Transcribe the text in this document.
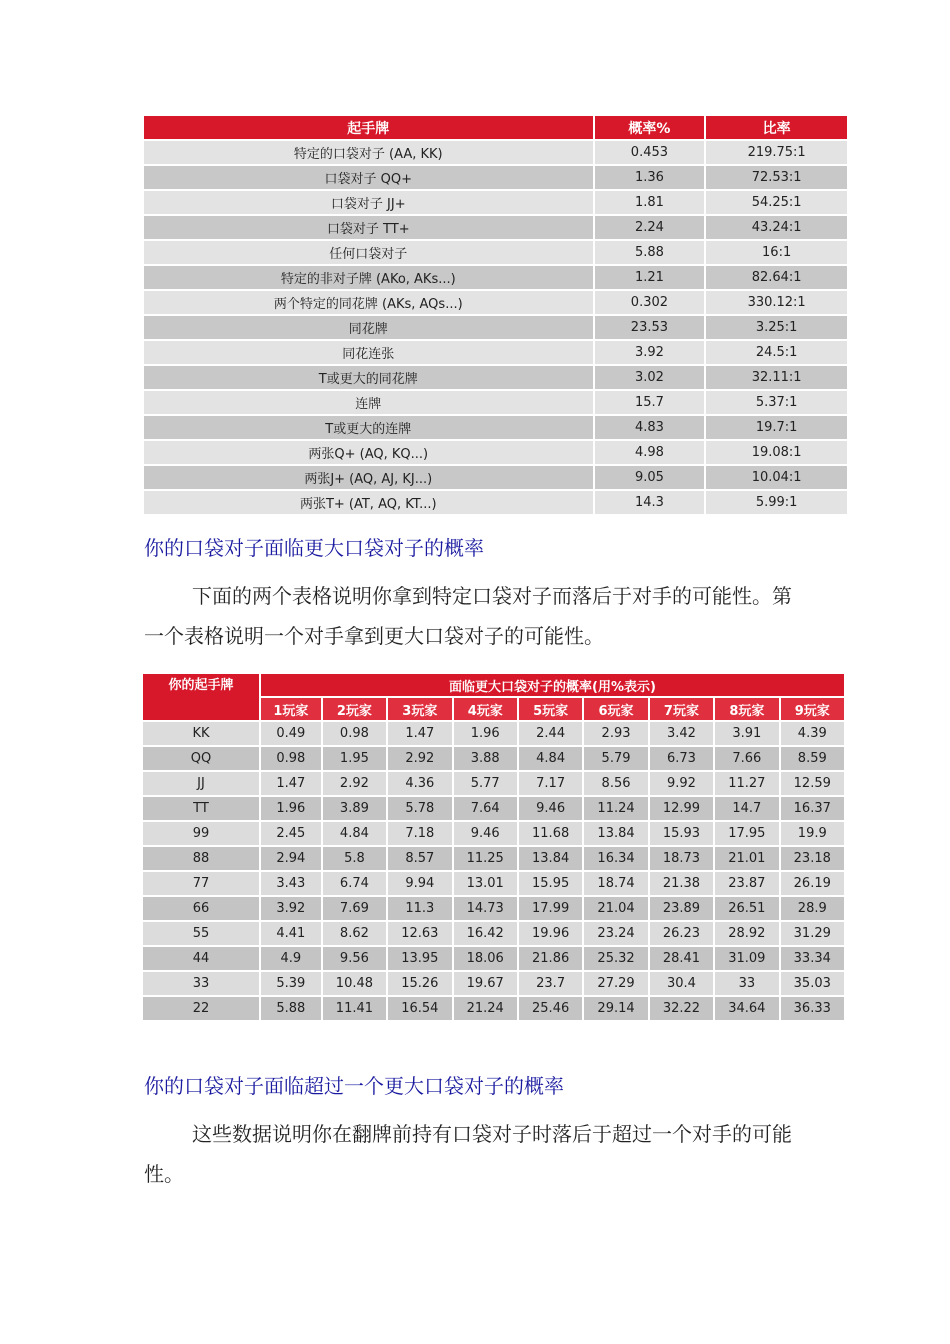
起手牌	概率%	比率
特定的口袋对子 (AA, KK)	0.453	219.75:1
口袋对子 QQ+	1.36	72.53:1
口袋对子 JJ+	1.81	54.25:1
口袋对子 TT+	2.24	43.24:1
任何口袋对子	5.88	16:1
特定的非对子牌 (AKo, AKs...)	1.21	82.64:1
两个特定的同花牌 (AKs, AQs...)	0.302	330.12:1
同花牌	23.53	3.25:1
同花连张	3.92	24.5:1
T或更大的同花牌	3.02	32.11:1
连牌	15.7	5.37:1
T或更大的连牌	4.83	19.7:1
两张Q+ (AQ, KQ...)	4.98	19.08:1
两张J+ (AQ, AJ, KJ...)	9.05	10.04:1
两张T+ (AT, AQ, KT...)	14.3	5.99:1
你的口袋对子面临更大口袋对子的概率

下面的两个表格说明你拿到特定口袋对子而落后于对手的可能性。第一个表格说明一个对手拿到更大口袋对子的可能性。

你的起手牌	面临更大口袋对子的概率(用%表示)								
	1玩家	2玩家	3玩家	4玩家	5玩家	6玩家	7玩家	8玩家	9玩家
KK	0.49	0.98	1.47	1.96	2.44	2.93	3.42	3.91	4.39
QQ	0.98	1.95	2.92	3.88	4.84	5.79	6.73	7.66	8.59
JJ	1.47	2.92	4.36	5.77	7.17	8.56	9.92	11.27	12.59
TT	1.96	3.89	5.78	7.64	9.46	11.24	12.99	14.7	16.37
99	2.45	4.84	7.18	9.46	11.68	13.84	15.93	17.95	19.9
88	2.94	5.8	8.57	11.25	13.84	16.34	18.73	21.01	23.18
77	3.43	6.74	9.94	13.01	15.95	18.74	21.38	23.87	26.19
66	3.92	7.69	11.3	14.73	17.99	21.04	23.89	26.51	28.9
55	4.41	8.62	12.63	16.42	19.96	23.24	26.23	28.92	31.29
44	4.9	9.56	13.95	18.06	21.86	25.32	28.41	31.09	33.34
33	5.39	10.48	15.26	19.67	23.7	27.29	30.4	33	35.03
22	5.88	11.41	16.54	21.24	25.46	29.14	32.22	34.64	36.33
你的口袋对子面临超过一个更大口袋对子的概率

这些数据说明你在翻牌前持有口袋对子时落后于超过一个对手的可能性。
